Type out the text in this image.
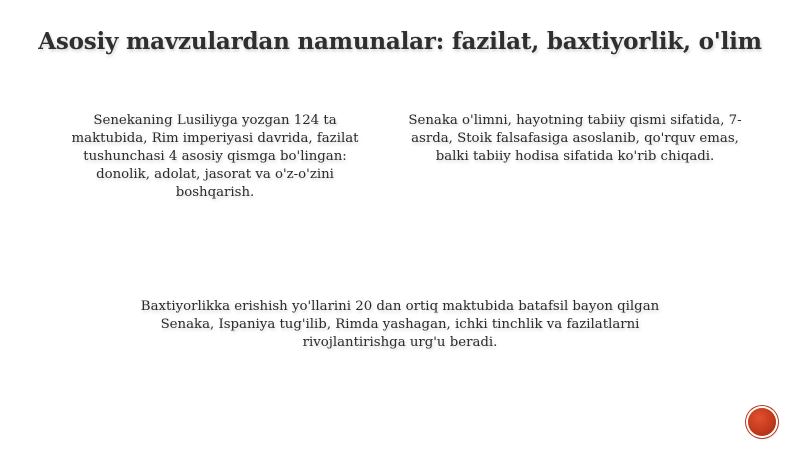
Asosiy mavzulardan namunalar: fazilat, baxtiyorlik, o'lim
Senekaning Lusiliyga yozgan 124 ta maktubida, Rim imperiyasi davrida, fazilat tushunchasi 4 asosiy qismga bo'lingan: donolik, adolat, jasorat va o'z-o'zini boshqarish.
Senaka o'limni, hayotning tabiiy qismi sifatida, 7-asrda, Stoik falsafasiga asoslanib, qo'rquv emas, balki tabiiy hodisa sifatida ko'rib chiqadi.
Baxtiyorlikka erishish yo'llarini 20 dan ortiq maktubida batafsil bayon qilgan Senaka, Ispaniya tug'ilib, Rimda yashagan, ichki tinchlik va fazilatlarni rivojlantirishga urg'u beradi.
